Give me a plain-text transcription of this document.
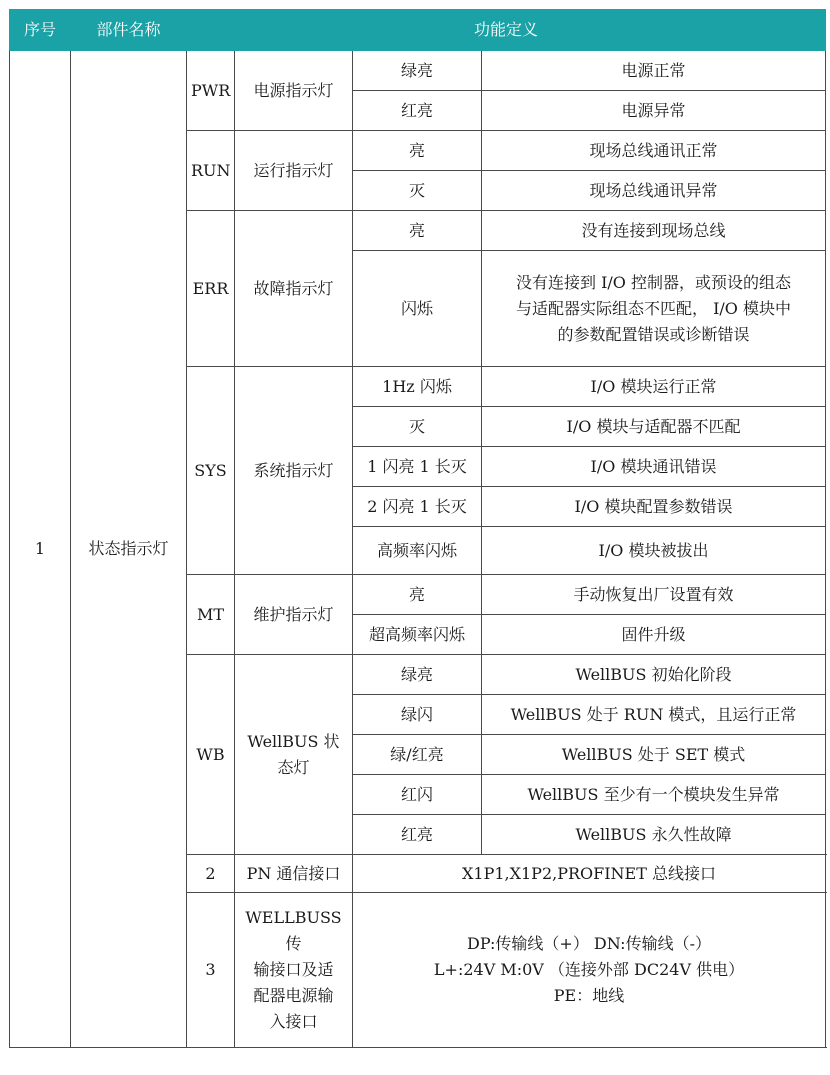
序号	部件名称	功能定义			
1	状态指示灯	PWR	电源指示灯	绿亮	电源正常
				红亮	电源异常
		RUN	运行指示灯	亮	现场总线通讯正常
				灭	现场总线通讯异常
		ERR	故障指示灯	亮	没有连接到现场总线
				闪烁	没有连接到 I/O 控制器，或预设的组态
与适配器实际组态不匹配， I/O 模块中
的参数配置错误或诊断错误

		SYS	系统指示灯	1Hz 闪烁	I/O 模块运行正常
				灭	I/O 模块与适配器不匹配
				1 闪亮 1 长灭	I/O 模块通讯错误
				2 闪亮 1 长灭	I/O 模块配置参数错误
				高频率闪烁	I/O 模块被拔出
		MT	维护指示灯	亮	手动恢复出厂设置有效
				超高频率闪烁	固件升级
		WB	WellBUS 状
态灯	绿亮	WellBUS 初始化阶段
				绿闪	WellBUS 处于 RUN 模式，且运行正常
				绿/红亮	WellBUS 处于 SET 模式
				红闪	WellBUS 至少有一个模块发生异常
				红亮	WellBUS 永久性故障
		2	PN 通信接口	X1P1,X1P2,PROFINET 总线接口	
		3	WELLBUSS 传
输接口及适
配器电源输
入接口	DP:传输线（+） DN:传输线（-）
L+:24V M:0V （连接外部 DC24V 供电）
PE：地线	
